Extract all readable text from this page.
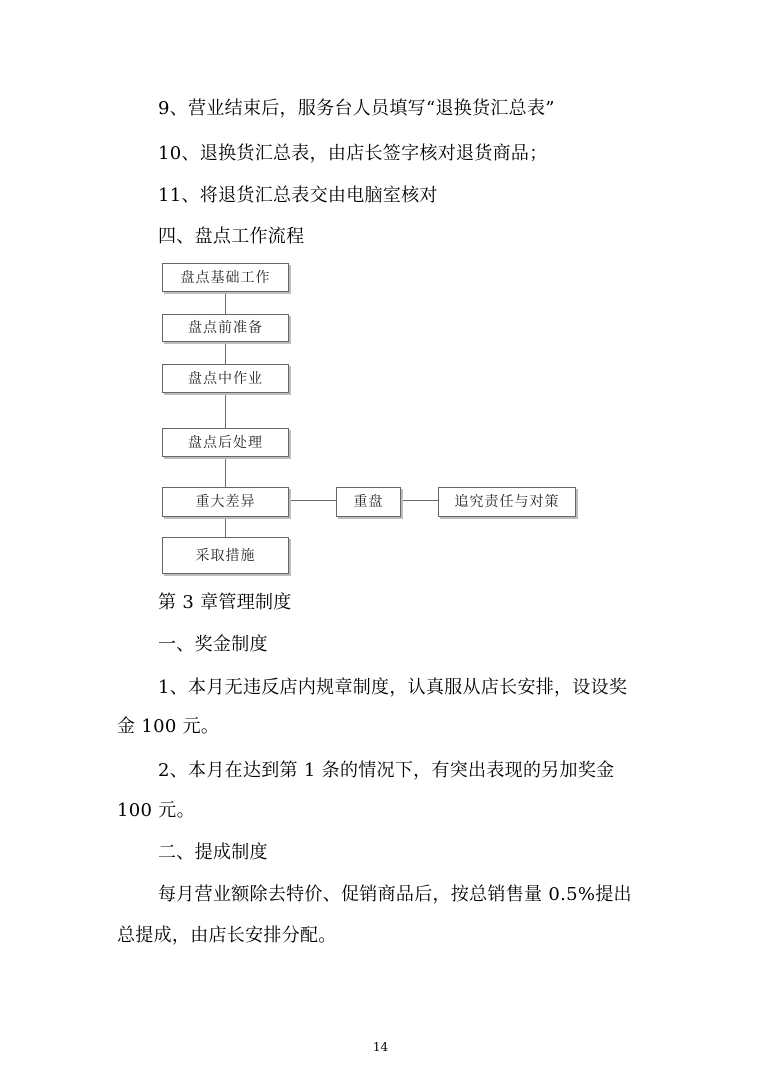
9、营业结束后，服务台人员填写“退换货汇总表”
10、退换货汇总表，由店长签字核对退货商品；
11、将退货汇总表交由电脑室核对
四、盘点工作流程
盘点基础工作
盘点前准备
盘点中作业
盘点后处理
重大差异
采取措施
重盘	追究责任与对策
第 3 章管理制度
一、奖金制度
1、本月无违反店内规章制度，认真服从店长安排，设设奖
金 100 元。
2、本月在达到第 1 条的情况下，有突出表现的另加奖金
100 元。
二、提成制度
每月营业额除去特价、促销商品后，按总销售量 0.5%提出
总提成，由店长安排分配。
14
